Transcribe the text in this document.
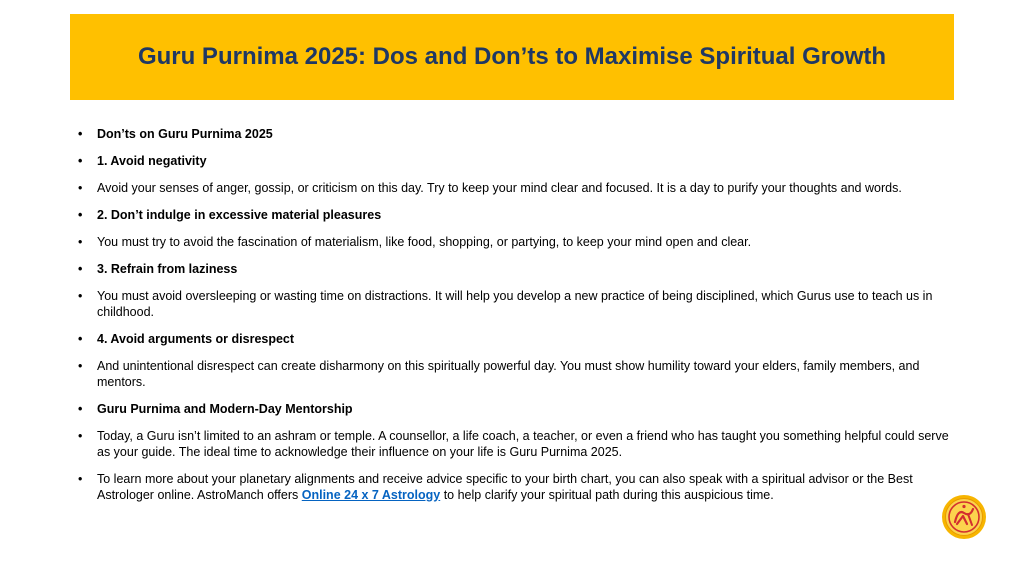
Guru Purnima 2025: Dos and Don’ts to Maximise Spiritual Growth
• Don’ts on Guru Purnima 2025
• 1. Avoid negativity
• Avoid your senses of anger, gossip, or criticism on this day. Try to keep your mind clear and focused. It is a day to purify your thoughts and words.
• 2. Don’t indulge in excessive material pleasures
• You must try to avoid the fascination of materialism, like food, shopping, or partying, to keep your mind open and clear.
• 3. Refrain from laziness
• You must avoid oversleeping or wasting time on distractions. It will help you develop a new practice of being disciplined, which Gurus use to teach us in childhood.
• 4. Avoid arguments or disrespect
• And unintentional disrespect can create disharmony on this spiritually powerful day. You must show humility toward your elders, family members, and mentors.
• Guru Purnima and Modern-Day Mentorship
• Today, a Guru isn’t limited to an ashram or temple. A counsellor, a life coach, a teacher, or even a friend who has taught you something helpful could serve as your guide. The ideal time to acknowledge their influence on your life is Guru Purnima 2025.
• To learn more about your planetary alignments and receive advice specific to your birth chart, you can also speak with a spiritual advisor or the Best Astrologer online. AstroManch offers Online 24 x 7 Astrology to help clarify your spiritual path during this auspicious time.
